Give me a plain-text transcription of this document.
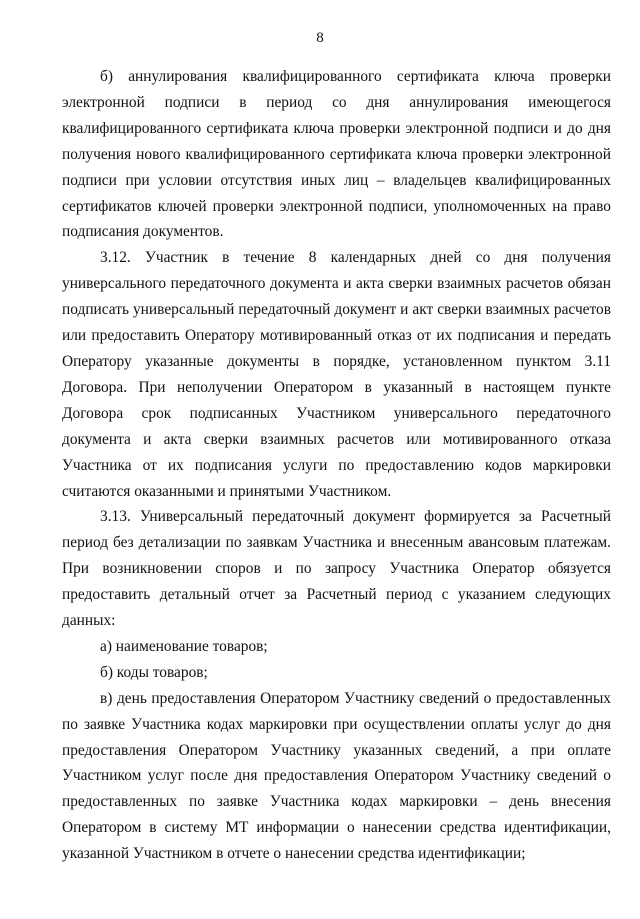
8

б) аннулирования квалифицированного сертификата ключа проверки электронной подписи в период со дня аннулирования имеющегося квалифицированного сертификата ключа проверки электронной подписи и до дня получения нового квалифицированного сертификата ключа проверки электронной подписи при условии отсутствия иных лиц – владельцев квалифицированных сертификатов ключей проверки электронной подписи, уполномоченных на право подписания документов.

3.12. Участник в течение 8 календарных дней со дня получения универсального передаточного документа и акта сверки взаимных расчетов обязан подписать универсальный передаточный документ и акт сверки взаимных расчетов или предоставить Оператору мотивированный отказ от их подписания и передать Оператору указанные документы в порядке, установленном пунктом 3.11 Договора. При неполучении Оператором в указанный в настоящем пункте Договора срок подписанных Участником универсального передаточного документа и акта сверки взаимных расчетов или мотивированного отказа Участника от их подписания услуги по предоставлению кодов маркировки считаются оказанными и принятыми Участником.

3.13. Универсальный передаточный документ формируется за Расчетный период без детализации по заявкам Участника и внесенным авансовым платежам. При возникновении споров и по запросу Участника Оператор обязуется предоставить детальный отчет за Расчетный период с указанием следующих данных:

а) наименование товаров;

б) коды товаров;

в) день предоставления Оператором Участнику сведений о предоставленных по заявке Участника кодах маркировки при осуществлении оплаты услуг до дня предоставления Оператором Участнику указанных сведений, а при оплате Участником услуг после дня предоставления Оператором Участнику сведений о предоставленных по заявке Участника кодах маркировки – день внесения Оператором в систему МТ информации о нанесении средства идентификации, указанной Участником в отчете о нанесении средства идентификации;
